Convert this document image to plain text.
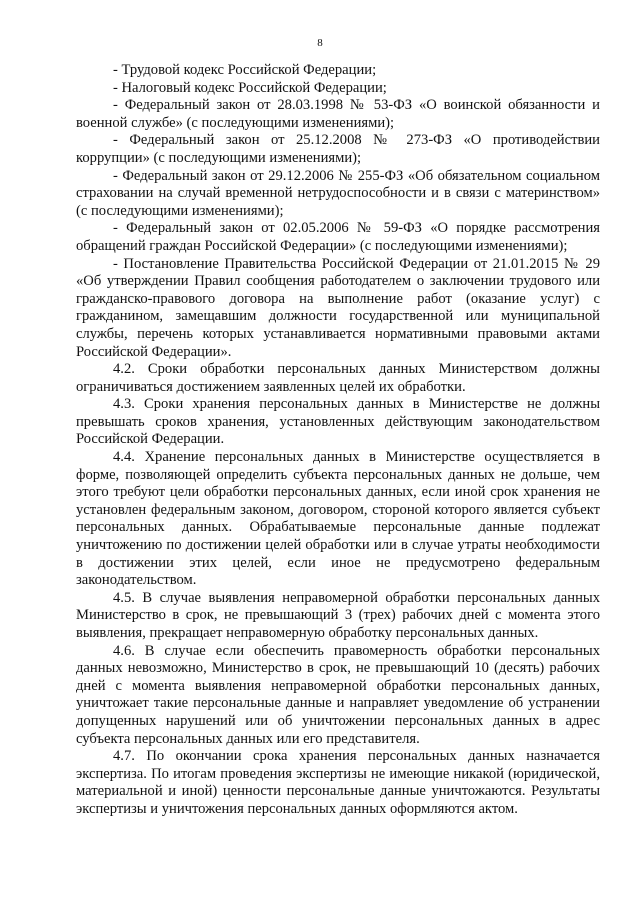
8

- Трудовой кодекс Российской Федерации;

- Налоговый кодекс Российской Федерации;

- Федеральный закон от 28.03.1998 № 53-ФЗ «О воинской обязанности и военной службе» (с последующими изменениями);

- Федеральный закон от 25.12.2008 № 273-ФЗ «О противодействии коррупции» (с последующими изменениями);

- Федеральный закон от 29.12.2006 № 255-ФЗ «Об обязательном социальном страховании на случай временной нетрудоспособности и в связи с материнством» (с последующими изменениями);

- Федеральный закон от 02.05.2006 № 59-ФЗ «О порядке рассмотрения обращений граждан Российской Федерации» (с последующими изменениями);

- Постановление Правительства Российской Федерации от 21.01.2015 № 29 «Об утверждении Правил сообщения работодателем о заключении трудового или гражданско-правового договора на выполнение работ (оказание услуг) с гражданином, замещавшим должности государственной или муниципальной службы, перечень которых устанавливается нормативными правовыми актами Российской Федерации».

4.2. Сроки обработки персональных данных Министерством должны ограничиваться достижением заявленных целей их обработки.

4.3. Сроки хранения персональных данных в Министерстве не должны превышать сроков хранения, установленных действующим законодательством Российской Федерации.

4.4. Хранение персональных данных в Министерстве осуществляется в форме, позволяющей определить субъекта персональных данных не дольше, чем этого требуют цели обработки персональных данных, если иной срок хранения не установлен федеральным законом, договором, стороной которого является субъект персональных данных. Обрабатываемые персональные данные подлежат уничтожению по достижении целей обработки или в случае утраты необходимости в достижении этих целей, если иное не предусмотрено федеральным законодательством.

4.5. В случае выявления неправомерной обработки персональных данных Министерство в срок, не превышающий 3 (трех) рабочих дней с момента этого выявления, прекращает неправомерную обработку персональных данных.

4.6. В случае если обеспечить правомерность обработки персональных данных невозможно, Министерство в срок, не превышающий 10 (десять) рабочих дней с момента выявления неправомерной обработки персональных данных, уничтожает такие персональные данные и направляет уведомление об устранении допущенных нарушений или об уничтожении персональных данных в адрес субъекта персональных данных или его представителя.

4.7. По окончании срока хранения персональных данных назначается экспертиза. По итогам проведения экспертизы не имеющие никакой (юридической, материальной и иной) ценности персональные данные уничтожаются. Результаты экспертизы и уничтожения персональных данных оформляются актом.
